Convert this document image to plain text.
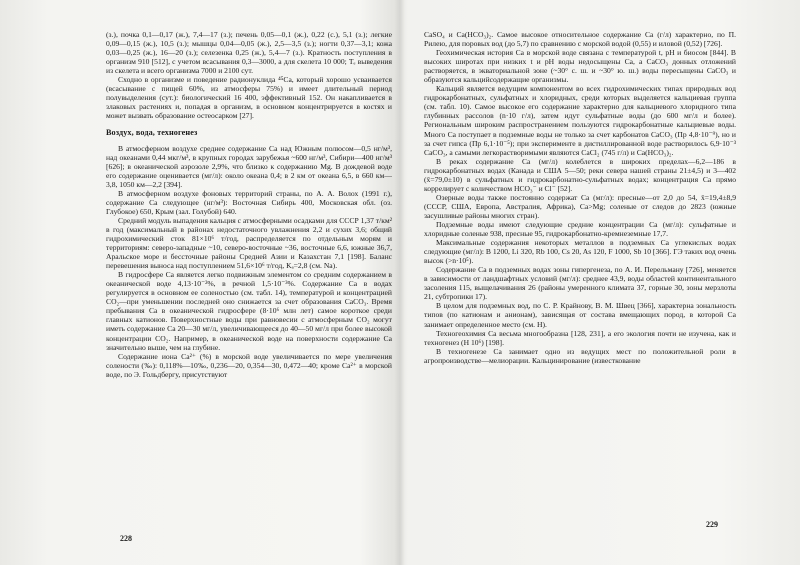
(з.), почка 0,1—0,17 (ж.), 7,4—17 (з.); печень 0,05—0,1 (ж.), 0,22 (с.), 5,1 (з.); легкие 0,09—0,15 (ж.), 10,5 (з.); мышцы 0,04—0,05 (ж.), 2,5—3,5 (з.); ногти 0,37—3,1; кожа 0,03—0,25 (ж.), 16—20 (з.); селезенка 0,25 (ж.), 5,4—7 (з.). Кратность поступления в организм 910 [512], с учетом всасывания 0,3—3000, а для скелета 10 000; Tₑ выведения из скелета и всего организма 7000 и 2100 сут.

Сходно в организме и поведение радионуклида ⁴⁵Ca, который хорошо усваивается (всасывание с пищей 60%, из атмосферы 75%) и имеет длительный период полувыделения (сут.): биологический 16 400, эффективный 152. Он накапливается в злаковых растениях и, попадая в организм, в основном концентрируется в костях и может вызвать образование остеосарком [27].

Воздух, вода, техногенез

В атмосферном воздухе среднее содержание Ca над Южным полюсом—0,5 нг/м³, над океанами 0,44 мкг/м³, в крупных городах зарубежья ~600 нг/м³, Сибири—400 нг/м³ [626]; в океанической аэрозоле 2,9%, что близко к содержанию Mg. В дождевой воде его содержание оценивается (мг/л): около океана 0,4; в 2 км от океана 6,5, в 660 км—3,8, 1050 км—2,2 [394].

В атмосферном воздухе фоновых территорий страны, по А. А. Волох (1991 г.), содержание Ca следующее (нг/м³): Восточная Сибирь 400, Московская обл. (оз. Глубокое) 650, Крым (зал. Голубой) 640.

Средний модуль выпадения кальция с атмосферными осадками для СССР 1,37 т/км² в год (максимальный в районах недостаточного увлажнения 2,2 и сухих 3,6; общий гидрохимический сток 81×10⁶ т/год, распределяется по отдельным морям и территориям: северо-западные ~10, северо-восточные ~36, восточные 6,6, южные 36,7, Аральское море и бессточные районы Средней Азии и Казахстан 7,1 [198]. Баланс перевешения выноса над поступлением 51,6×10⁶ т/год, Kₐ=2,8 (см. Na).

В гидросфере Ca является легко подвижным элементом со средним содержанием в океанической воде 4,13·10⁻²%, в речной 1,5·10⁻³%. Содержание Ca в водах регулируется в основном ее соленостью (см. табл. 14), температурой и концентрацией CO₂—при уменьшении последней оно снижается за счет образования CaCO₃. Время пребывания Ca в океанической гидросфере (8·10⁶ млн лет) самое короткое среди главных катионов. Поверхностные воды при равновесии с атмосферным CO₂ могут иметь содержание Ca 20—30 мг/л, увеличивающееся до 40—50 мг/л при более высокой концентрации CO₂. Например, в океанической воде на поверхности содержание Ca значительно выше, чем на глубине.

Содержание иона Ca²⁺ (%) в морской воде увеличивается по мере увеличения солености (‰): 0,118%—10‰, 0,236—20, 0,354—30, 0,472—40; кроме Ca²⁺ в морской воде, по Э. Гольдбергу, присутствуют

228

CaSO₄ и Ca(HCO₃)₂. Самое высокое относительное содержание Ca (г/л) характерно, по П. Рилею, для поровых вод (до 5,7) по сравнению с морской водой (0,55) и иловой (0,52) [726].

Геохимическая история Ca в морской воде связана с температурой t, pH и биосом [844]. В высоких широтах при низких t и pH воды недосыщены Ca, а CaCO₃ донных отложений растворяется, в экваториальной зоне (~30° с. ш. и ~30° ю. ш.) воды пересыщены CaCO₃ и образуются кальцийсодержащие организмы.

Кальций является ведущим компонентом во всех гидрохимических типах природных вод гидрокарбонатных, сульфатных и хлоридных, среди которых выделяется кальциевая группа (см. табл. 10). Самое высокое его содержание характерно для кальциевого хлоридного типа глубинных рассолов (n·10 г/л), затем идут сульфатные воды (до 600 мг/л и более). Региональным широким распространением пользуются гидрокарбонатные кальциевые воды. Много Ca поступает в подземные воды не только за счет карбонатов CaCO₃ (Пр 4,8·10⁻⁹), но и за счет гипса (Пр 6,1·10⁻⁵); при эксперименте в дистиллированной воде растворилось 6,9·10⁻³ CaCO₃, а самыми легкорастворимыми являются CaCl₂ (745 г/л) и Ca(HCO₃)₂.

В реках содержание Ca (мг/л) колеблется в широких пределах—6,2—186 в гидрокарбонатных водах (Канада и США 5—50; реки севера нашей страны 21±4,5) и 3—402 (x̄=79,0±10) в сульфатных и гидрокарбонатно-сульфатных водах; концентрация Ca прямо коррелирует с количеством HCO₃⁻ и Cl⁻ [52].

Озерные воды также постоянно содержат Ca (мг/л): пресные—от 2,0 до 54, x̄=19,4±8,9 (СССР, США, Европа, Австралия, Африка), Ca>Mg; соленые от следов до 2823 (южные засушливые районы многих стран).

Подземные воды имеют следующие средние концентрации Ca (мг/л): сульфатные и хлоридные соленые 938, пресные 95, гидрокарбонатно-кремнеземные 17,7.

Максимальные содержания некоторых металлов в подземных Ca углекислых водах следующие (мг/л): B 1200, Li 320, Rb 100, Cs 20, As 120, F 1000, Sb 10 [366]. ГЭ таких вод очень высок (>n·10⁵).

Содержание Ca в подземных водах зоны гипергенеза, по А. И. Перельману [726], меняется в зависимости от ландшафтных условий (мг/л): среднее 43,9, воды областей континентального засоления 115, выщелачивания 26 (районы умеренного климата 37, горные 30, зоны мерзлоты 21, субтропики 17).

В целом для подземных вод, по С. Р. Крайнову, В. М. Швец [366], характерна зональность типов (по катионам и анионам), зависящая от состава вмещающих пород, в которой Ca занимает определенное место (см. Н).

Техногеохимия Ca весьма многообразна [128, 231], а его экология почти не изучена, как и техногенез (Н 10⁶) [198].

В техногенезе Ca занимает одно из ведущих мест по положительной роли в агропроизводстве—мелиорации. Кальцинирование (известкование

229
